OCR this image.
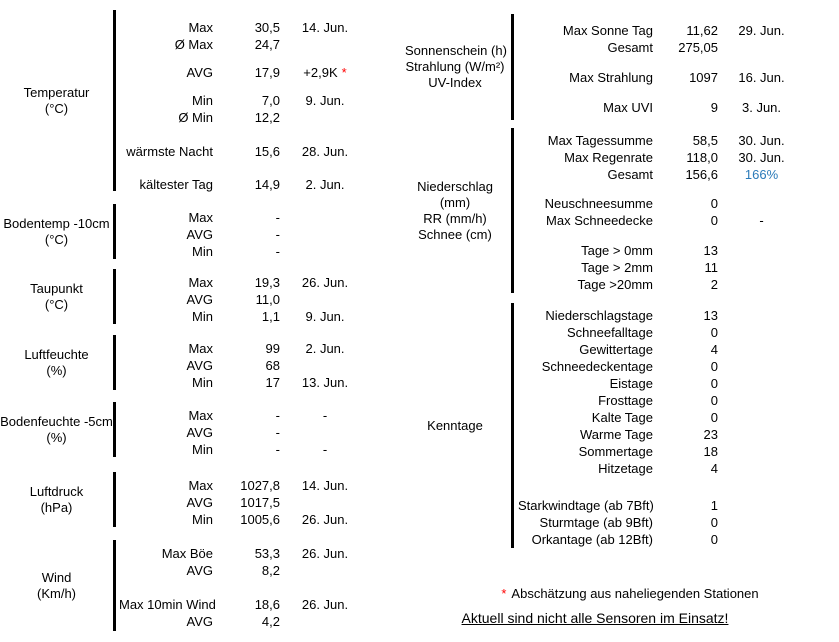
Temperatur
(°C)
Max	30,5	14. Jun.
Ø Max	24,7
AVG	17,9	+2,9K *
Min	7,0	9. Jun.
Ø Min	12,2
wärmste Nacht	15,6	28. Jun.
kältester Tag	14,9	2. Jun.
Bodentemp -10cm
(°C)
Max	-
AVG	-
Min	-
Taupunkt
(°C)
Max	19,3	26. Jun.
AVG	11,0
Min	1,1	9. Jun.
Luftfeuchte
(%)
Max	99	2. Jun.
AVG	68
Min	17	13. Jun.
Bodenfeuchte -5cm
(%)
Max	-	-
AVG	-
Min	-	-
Luftdruck
(hPa)
Max	1027,8	14. Jun.
AVG	1017,5
Min	1005,6	26. Jun.
Wind
(Km/h)
Max Böe	53,3	26. Jun.
AVG	8,2
Max 10min Wind	18,6	26. Jun.
AVG	4,2
Sonnenschein (h)
Strahlung (W/m²)
UV-Index
Max Sonne Tag	11,62	29. Jun.
Gesamt	275,05
Max Strahlung	1097	16. Jun.
Max UVI	9	3. Jun.
Niederschlag
(mm)
RR (mm/h)
Schnee (cm)
Max Tagessumme	58,5	30. Jun.
Max Regenrate	118,0	30. Jun.
Gesamt	156,6	166%
Neuschneesumme	0
Max Schneedecke	0	-
Tage > 0mm	13
Tage > 2mm	11
Tage >20mm	2
Kenntage
Niederschlagstage	13
Schneefalltage	0
Gewittertage	4
Schneedeckentage	0
Eistage	0
Frosttage	0
Kalte Tage	0
Warme Tage	23
Sommertage	18
Hitzetage	4
Starkwindtage (ab 7Bft)	1
Sturmtage (ab 9Bft)	0
Orkantage (ab 12Bft)	0
* Abschätzung aus naheliegenden Stationen
Aktuell sind nicht alle Sensoren im Einsatz!
